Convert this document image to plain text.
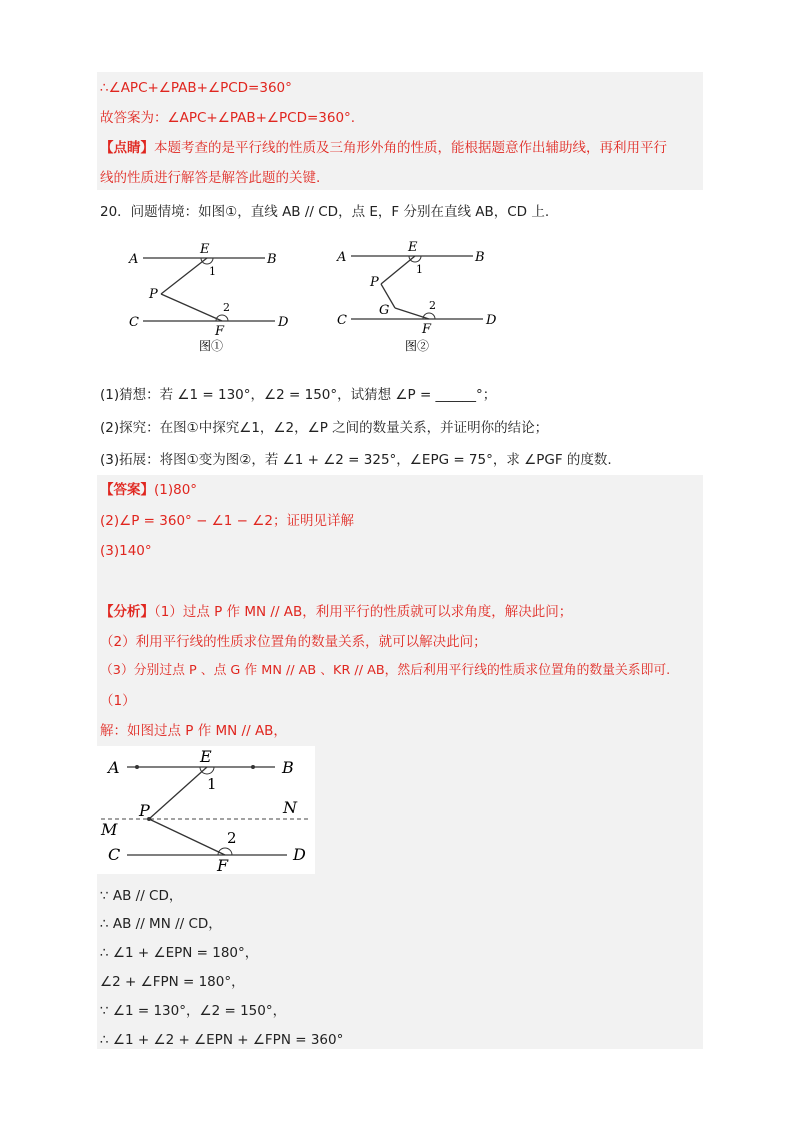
∴∠APC+∠PAB+∠PCD=360°
故答案为：∠APC+∠PAB+∠PCD=360°.
【点睛】本题考查的是平行线的性质及三角形外角的性质，能根据题意作出辅助线，再利用平行
线的性质进行解答是解答此题的关键.
20．问题情境：如图①，直线 AB // CD，点 E，F 分别在直线 AB，CD 上.
A	B
E
1
P
2
C
F
D
图①
A	B
E
1
P
G	2
C
F
D
图②
(1)猜想：若 ∠1 = 130°，∠2 = 150°，试猜想 ∠P = ______°；
(2)探究：在图①中探究∠1，∠2，∠P 之间的数量关系，并证明你的结论；
(3)拓展：将图①变为图②，若 ∠1 + ∠2 = 325°，∠EPG = 75°，求 ∠PGF 的度数.
【答案】(1)80°
(2)∠P = 360° − ∠1 − ∠2；证明见详解
(3)140°
【分析】（1）过点 P 作 MN // AB，利用平行的性质就可以求角度，解决此问；
（2）利用平行线的性质求位置角的数量关系，就可以解决此问；
（3）分别过点 P 、点 G 作 MN // AB 、KR // AB，然后利用平行线的性质求位置角的数量关系即可.
（1）
解：如图过点 P 作 MN // AB，
A	B
E
1
P	N
M	2
C
F
D
∵ AB // CD，
∴ AB // MN // CD，
∴ ∠1 + ∠EPN = 180°，
∠2 + ∠FPN = 180°，
∵ ∠1 = 130°，∠2 = 150°，
∴ ∠1 + ∠2 + ∠EPN + ∠FPN = 360°
